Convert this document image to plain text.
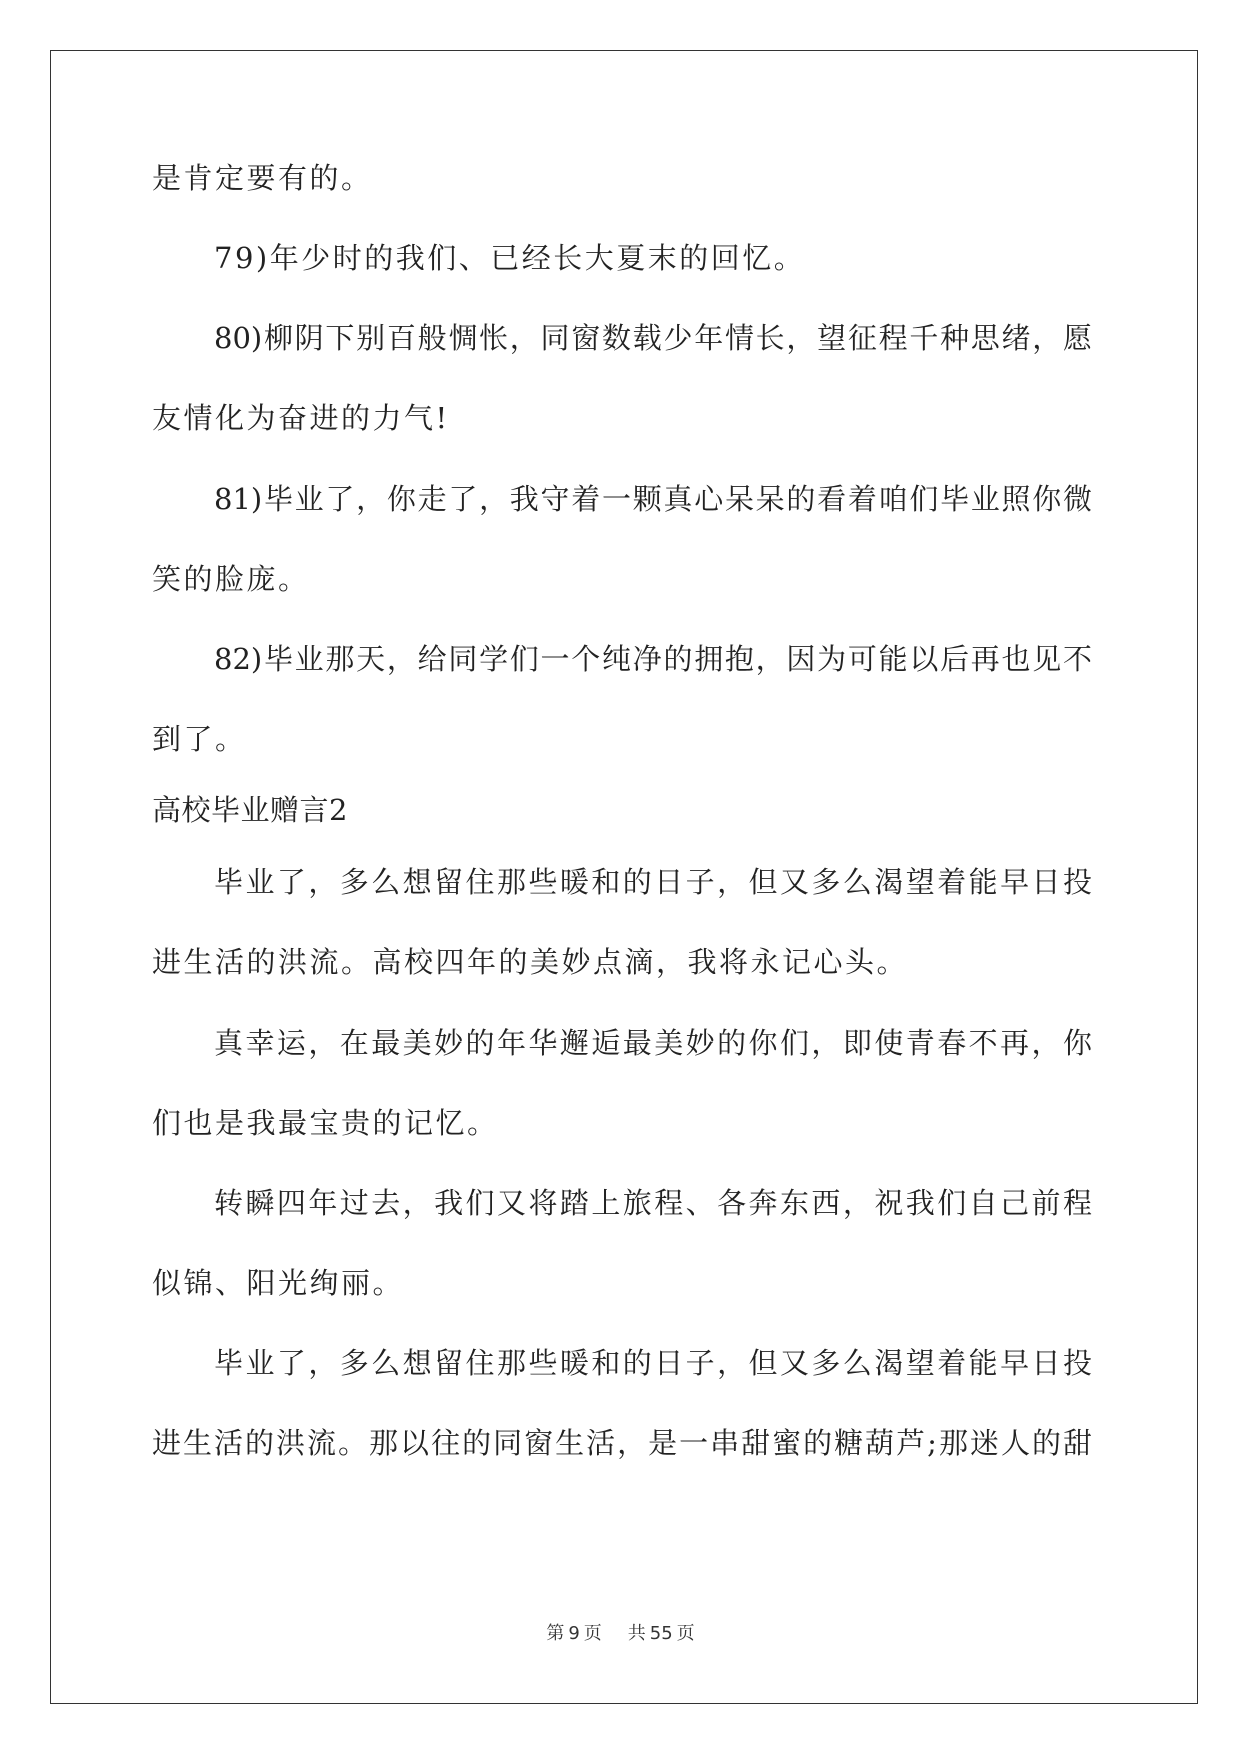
是肯定要有的。
79)年少时的我们、已经长大夏末的回忆。
80)柳阴下别百般惆怅，同窗数载少年情长，望征程千种思绪，愿
友情化为奋进的力气!
81)毕业了，你走了，我守着一颗真心呆呆的看着咱们毕业照你微
笑的脸庞。
82)毕业那天，给同学们一个纯净的拥抱，因为可能以后再也见不
到了。
高校毕业赠言2
毕业了，多么想留住那些暖和的日子，但又多么渴望着能早日投
进生活的洪流。高校四年的美妙点滴，我将永记心头。
真幸运，在最美妙的年华邂逅最美妙的你们，即使青春不再，你
们也是我最宝贵的记忆。
转瞬四年过去，我们又将踏上旅程、各奔东西，祝我们自己前程
似锦、阳光绚丽。
毕业了，多么想留住那些暖和的日子，但又多么渴望着能早日投
进生活的洪流。那以往的同窗生活，是一串甜蜜的糖葫芦;那迷人的甜
第 9 页 共 55 页
